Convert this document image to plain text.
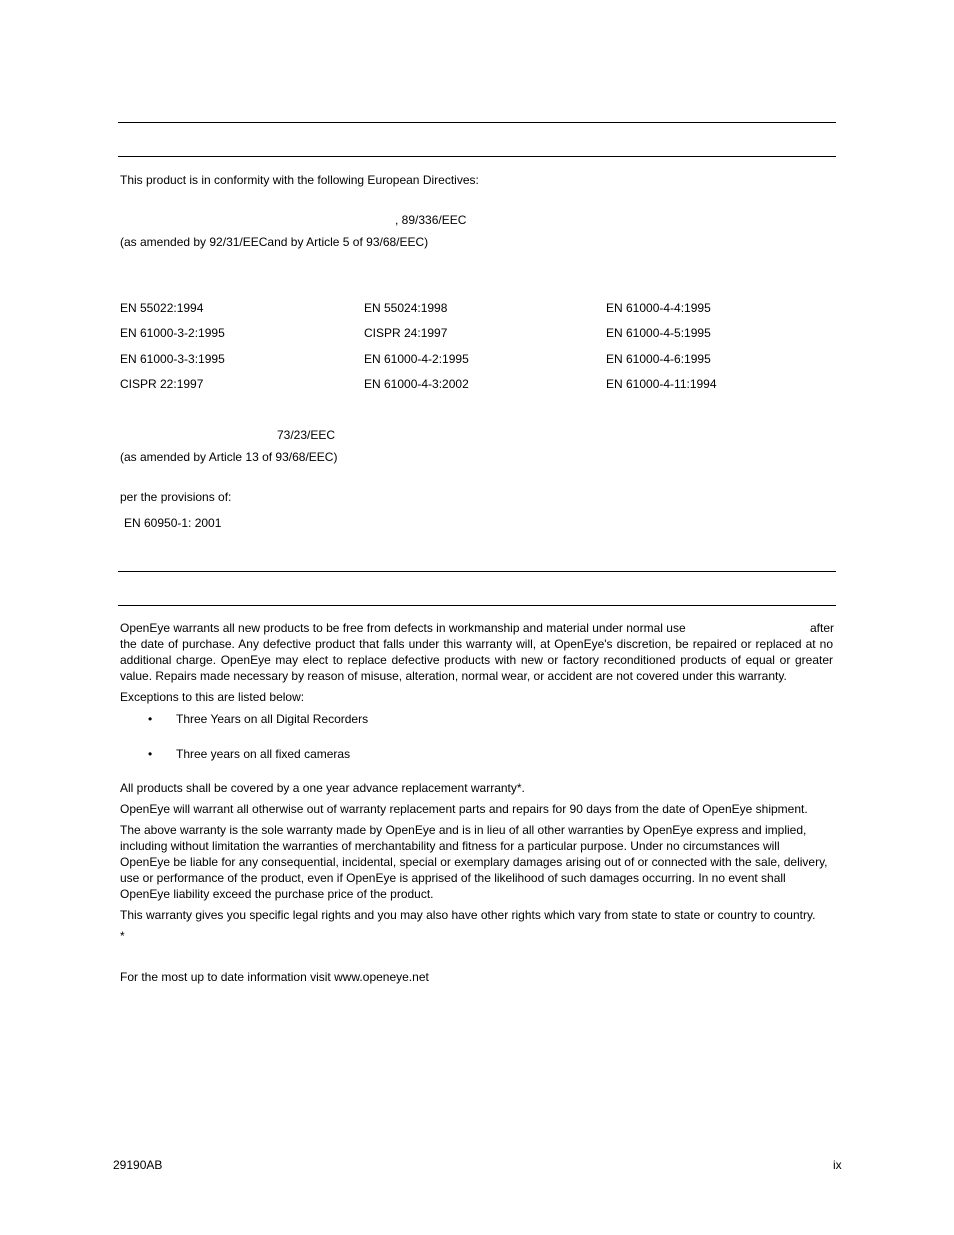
This product is in conformity with the following European Directives:
, 89/336/EEC
(as amended by 92/31/EECand by Article 5 of 93/68/EEC)
EN 55022:1994
EN 61000-3-2:1995
EN 61000-3-3:1995
CISPR 22:1997
EN 55024:1998
CISPR 24:1997
EN 61000-4-2:1995
EN 61000-4-3:2002
EN 61000-4-4:1995
EN 61000-4-5:1995
EN 61000-4-6:1995
EN 61000-4-11:1994
73/23/EEC
(as amended by Article 13 of 93/68/EEC)
per the provisions of:
EN 60950-1: 2001
OpenEye warrants all new products to be free from defects in workmanship and material under normal use	after
the date of purchase. Any defective product that falls under this warranty will, at OpenEye's discretion, be repaired or replaced at no additional charge. OpenEye may elect to replace defective products with new or factory reconditioned products of equal or greater value. Repairs made necessary by reason of misuse, alteration, normal wear, or accident are not covered under this warranty.
Exceptions to this are listed below:
• Three Years on all Digital Recorders
• Three years on all fixed cameras
All products shall be covered by a one year advance replacement warranty*.
OpenEye will warrant all otherwise out of warranty replacement parts and repairs for 90 days from the date of OpenEye shipment.
The above warranty is the sole warranty made by OpenEye and is in lieu of all other warranties by OpenEye express and implied, including without limitation the warranties of merchantability and fitness for a particular purpose. Under no circumstances will OpenEye be liable for any consequential, incidental, special or exemplary damages arising out of or connected with the sale, delivery, use or performance of the product, even if OpenEye is apprised of the likelihood of such damages occurring. In no event shall OpenEye liability exceed the purchase price of the product.
This warranty gives you specific legal rights and you may also have other rights which vary from state to state or country to country.
*
For the most up to date information visit www.openeye.net
29190AB	ix
